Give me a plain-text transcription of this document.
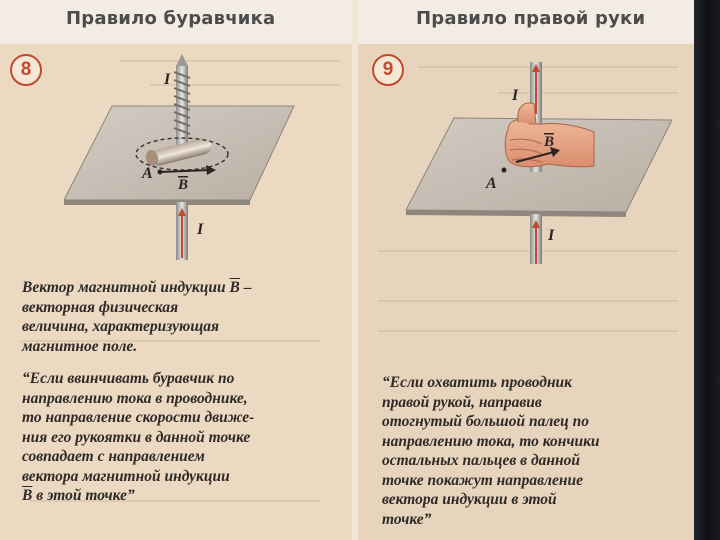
Правило буравчика
8	I
I
A
B
Вектор магнитной индукции $\overline{B}$ –
векторная физическая
величина, характеризующая
магнитное поле.
“Если ввинчивать буравчик по
направлению тока в проводнике,
то направление скорости движе-
ния его рукоятки в данной точке
совпадает с направлением
вектора магнитной индукции
$\overline{B}$ в этой точке”
Правило правой руки
9
I
I
A
B
“Если охватить проводник
правой рукой, направив
отогнутый большой палец по
направлению тока, то кончики
остальных пальцев в данной
точке покажут направление
вектора индукции в этой
точке”
